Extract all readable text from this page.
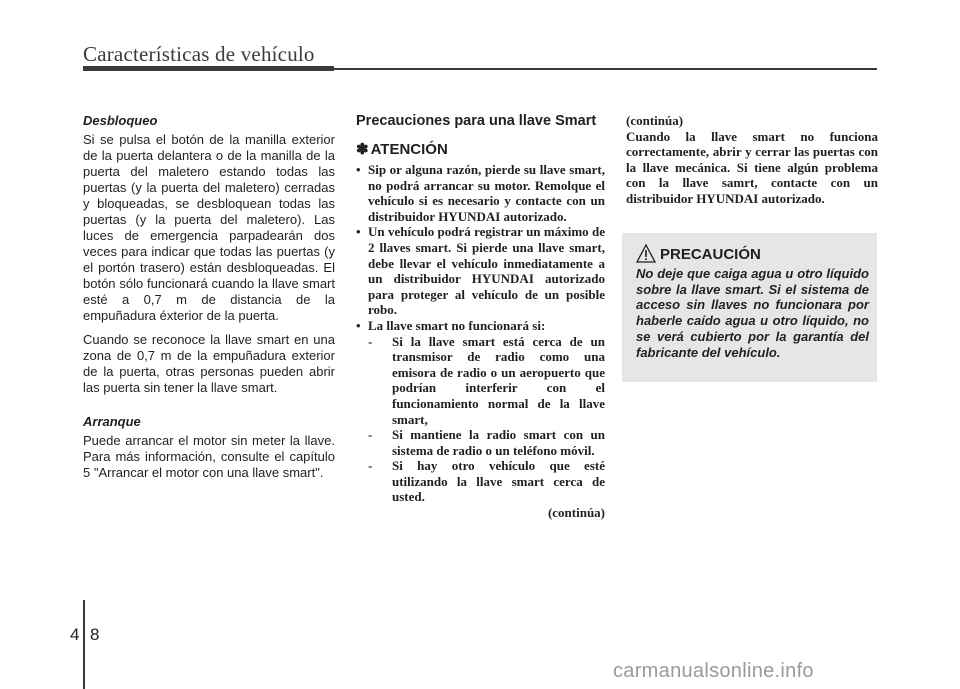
Características de vehículo
Desbloqueo

Si se pulsa el botón de la manilla exterior de la puerta delantera o de la manilla de la puerta del maletero estando todas las puertas (y la puerta del maletero) cerradas y bloqueadas, se desbloquean todas las puertas (y la puerta del maletero). Las luces de emergencia parpadearán dos veces para indicar que todas las puertas (y el portón trasero) están desbloqueadas. El botón sólo funcionará cuando la llave smart esté a 0,7 m de distancia de la empuñadura éxterior de la puerta.

Cuando se reconoce la llave smart en una zona de 0,7 m de la empuñadura exterior de la puerta, otras personas pueden abrir las puerta sin tener la llave smart.

Arranque

Puede arrancar el motor sin meter la llave. Para más información, consulte el capítulo 5 "Arrancar el motor con una llave smart".

Precauciones para una llave Smart
✽ ATENCIÓN
• Sip or alguna razón, pierde su llave smart, no podrá arrancar su motor. Remolque el vehículo si es necesario y contacte con un distribuidor HYUNDAI autorizado.
• Un vehículo podrá registrar un máximo de 2 llaves smart. Si pierde una llave smart, debe llevar el vehículo inmediatamente a un distribuidor HYUNDAI autorizado para proteger al vehículo de un posible robo.
• La llave smart no funcionará si:
- Si la llave smart está cerca de un transmisor de radio como una emisora de radio o un aeropuerto que podrían interferir con el funcionamiento normal de la llave smart,
- Si mantiene la radio smart con un sistema de radio o un teléfono móvil.
- Si hay otro vehículo que esté utilizando la llave smart cerca de usted.
(continúa)

(continúa)

Cuando la llave smart no funciona correctamente, abrir y cerrar las puertas con la llave mecánica. Si tiene algún problema con la llave samrt, contacte con un distribuidor HYUNDAI autorizado.

PRECAUCIÓN
No deje que caiga agua u otro líquido sobre la llave smart. Si el sistema de acceso sin llaves no funcionara por haberle caído agua u otro líquido, no se verá cubierto por la garantía del fabricante del vehículo.
4 8
carmanualsonline.info
